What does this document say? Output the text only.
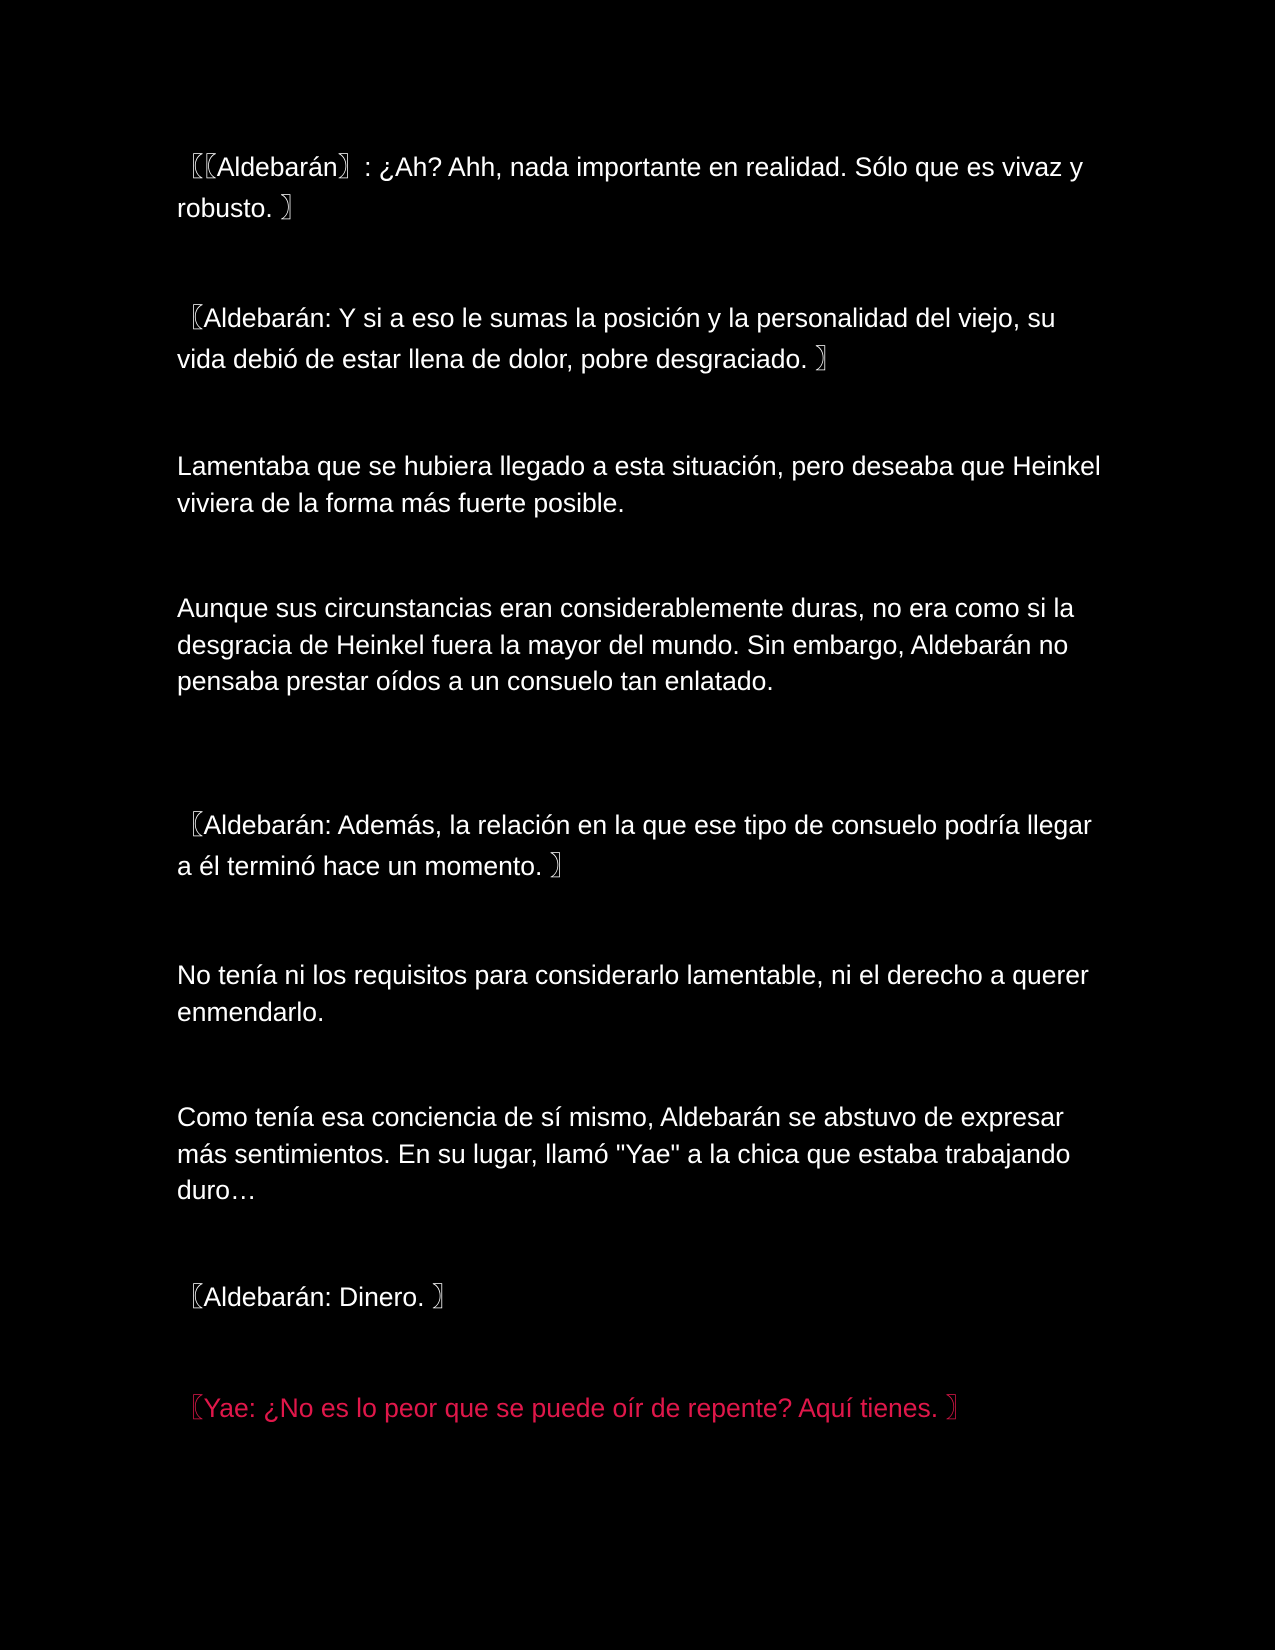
〖〖Aldebarán〗: ¿Ah? Ahh, nada importante en realidad. Sólo que es vivaz y robusto. 〗

〖Aldebarán: Y si a eso le sumas la posición y la personalidad del viejo, su vida debió de estar llena de dolor, pobre desgraciado. 〗

Lamentaba que se hubiera llegado a esta situación, pero deseaba que Heinkel viviera de la forma más fuerte posible.

Aunque sus circunstancias eran considerablemente duras, no era como si la desgracia de Heinkel fuera la mayor del mundo. Sin embargo, Aldebarán no pensaba prestar oídos a un consuelo tan enlatado.

〖Aldebarán: Además, la relación en la que ese tipo de consuelo podría llegar a él terminó hace un momento. 〗

No tenía ni los requisitos para considerarlo lamentable, ni el derecho a querer enmendarlo.

Como tenía esa conciencia de sí mismo, Aldebarán se abstuvo de expresar más sentimientos. En su lugar, llamó "Yae" a la chica que estaba trabajando duro…

〖Aldebarán: Dinero. 〗

〖Yae: ¿No es lo peor que se puede oír de repente? Aquí tienes. 〗
